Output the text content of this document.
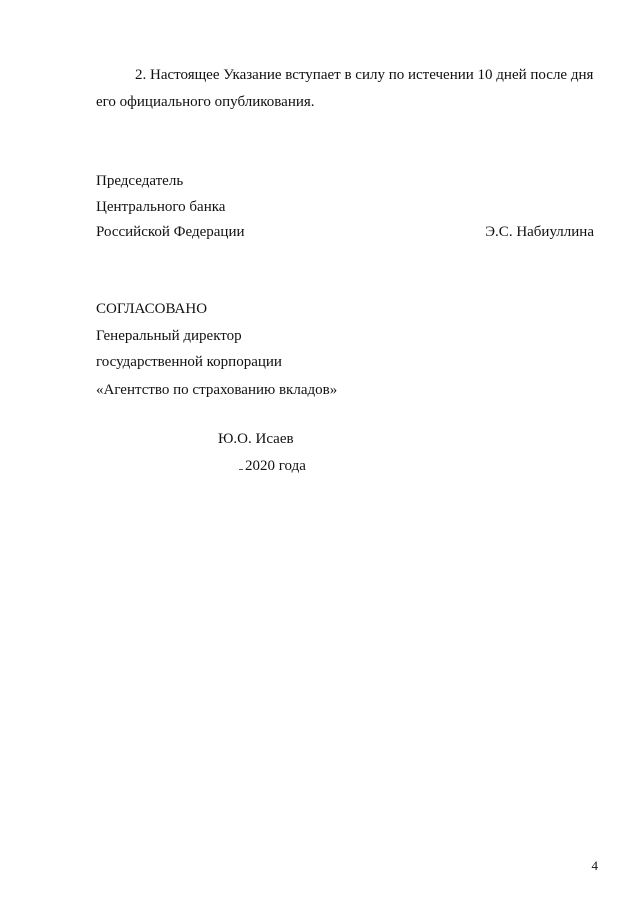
2. Настоящее Указание вступает в силу по истечении 10 дней после дня
его официального опубликования.
Председатель
Центрального банка
Российской Федерации	Э.С. Набиуллина
СОГЛАСОВАНО
Генеральный директор
государственной корпорации
«Агентство по страхованию вкладов»
Ю.О. Исаев
2020 года
4
